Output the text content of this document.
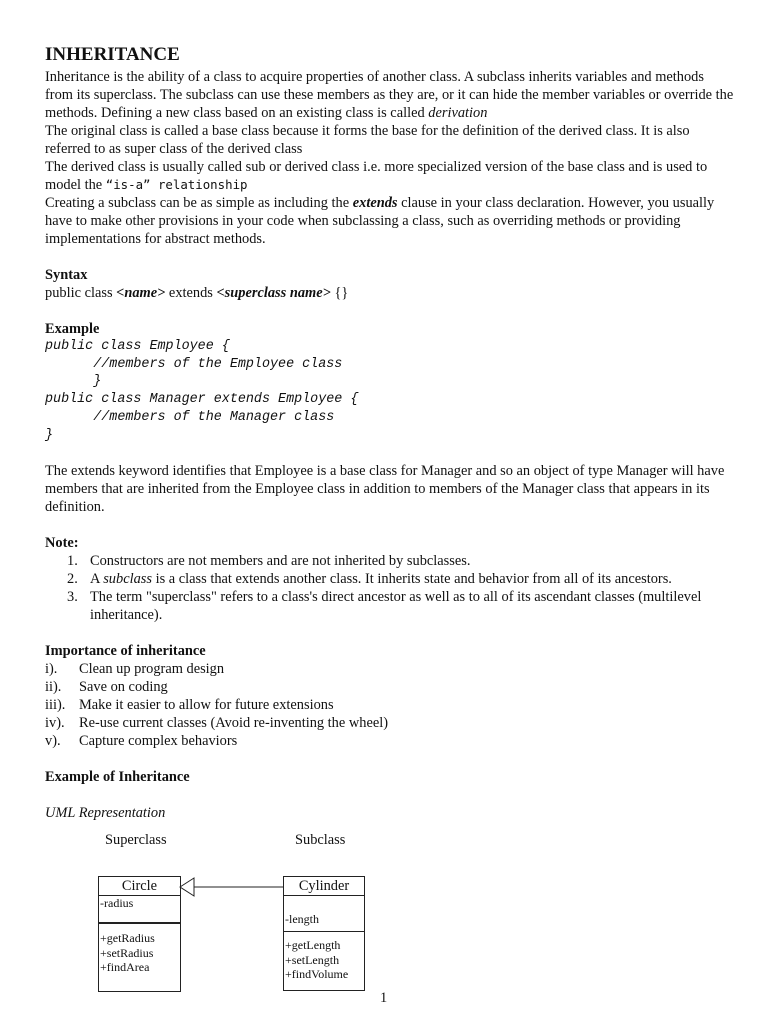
INHERITANCE

Inheritance is the ability of a class to acquire properties of another class. A subclass inherits variables and methods from its superclass. The subclass can use these members as they are, or it can hide the member variables or override the methods. Defining a new class based on an existing class is called derivation

The original class is called a base class because it forms the base for the definition of the derived class. It is also referred to as super class of the derived class

The derived class is usually called sub or derived class i.e. more specialized version of the base class and is used to model the “is-a” relationship

Creating a subclass can be as simple as including the extends clause in your class declaration. However, you usually have to make other provisions in your code when subclassing a class, such as overriding methods or providing implementations for abstract methods.

Syntax

public class <name> extends <superclass name> {}

Example

public class Employee {
//members of the Employee class
}
public class Manager extends Employee {
//members of the Manager class
}

The extends keyword identifies that Employee is a base class for Manager and so an object of type Manager will have members that are inherited from the Employee class in addition to members of the Manager class that appears in its definition.

Note:

1. Constructors are not members and are not inherited by subclasses.
2. A subclass is a class that extends another class. It inherits state and behavior from all of its ancestors.
3. The term "superclass" refers to a class's direct ancestor as well as to all of its ascendant classes (multilevel inheritance).

Importance of inheritance

i). Clean up program design
ii). Save on coding
iii). Make it easier to allow for future extensions
iv). Re-use current classes (Avoid re-inventing the wheel)
v). Capture complex behaviors

Example of Inheritance

UML Representation

Superclass	Subclass
Circle
-radius
+getRadius
+setRadius
+findArea
Cylinder
-length
+getLength
+setLength
+findVolume
1
